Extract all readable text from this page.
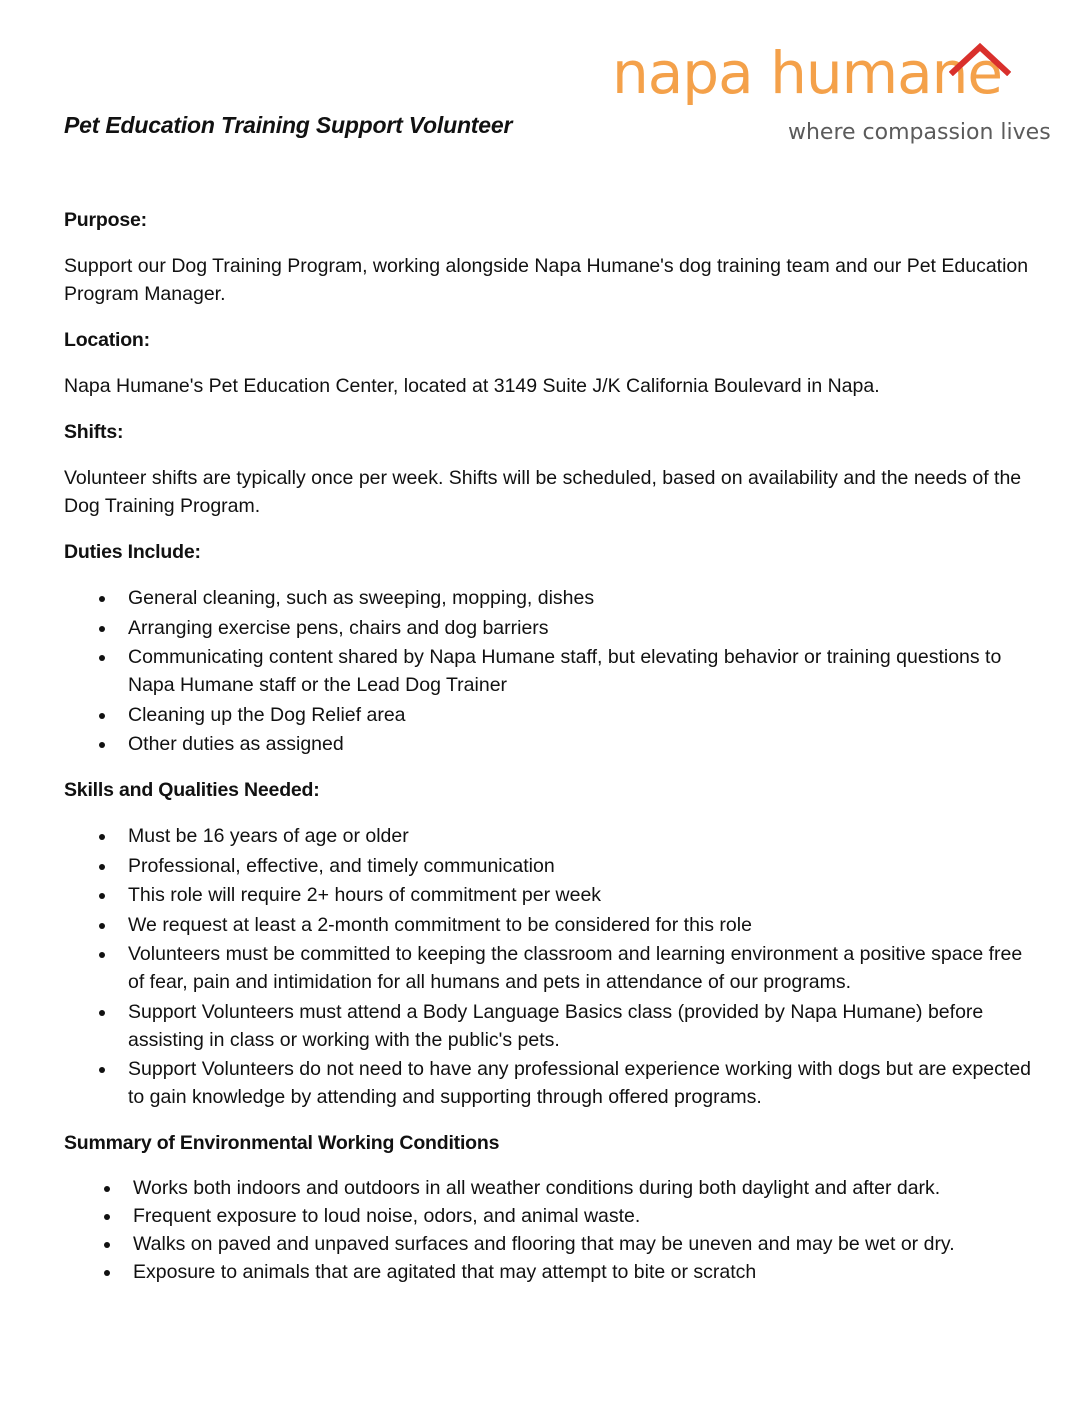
napa humane
where compassion lives
Pet Education Training Support Volunteer

Purpose:

Support our Dog Training Program, working alongside Napa Humane's dog training team and our Pet Education Program Manager.

Location:

Napa Humane's Pet Education Center, located at 3149 Suite J/K California Boulevard in Napa.

Shifts:

Volunteer shifts are typically once per week. Shifts will be scheduled, based on availability and the needs of the Dog Training Program.

Duties Include:

General cleaning, such as sweeping, mopping, dishes
Arranging exercise pens, chairs and dog barriers
Communicating content shared by Napa Humane staff, but elevating behavior or training questions to Napa Humane staff or the Lead Dog Trainer
Cleaning up the Dog Relief area
Other duties as assigned

Skills and Qualities Needed:

Must be 16 years of age or older
Professional, effective, and timely communication
This role will require 2+ hours of commitment per week
We request at least a 2-month commitment to be considered for this role
Volunteers must be committed to keeping the classroom and learning environment a positive space free of fear, pain and intimidation for all humans and pets in attendance of our programs.
Support Volunteers must attend a Body Language Basics class (provided by Napa Humane) before assisting in class or working with the public's pets.
Support Volunteers do not need to have any professional experience working with dogs but are expected to gain knowledge by attending and supporting through offered programs.

Summary of Environmental Working Conditions

Works both indoors and outdoors in all weather conditions during both daylight and after dark.
Frequent exposure to loud noise, odors, and animal waste.
Walks on paved and unpaved surfaces and flooring that may be uneven and may be wet or dry.
Exposure to animals that are agitated that may attempt to bite or scratch
